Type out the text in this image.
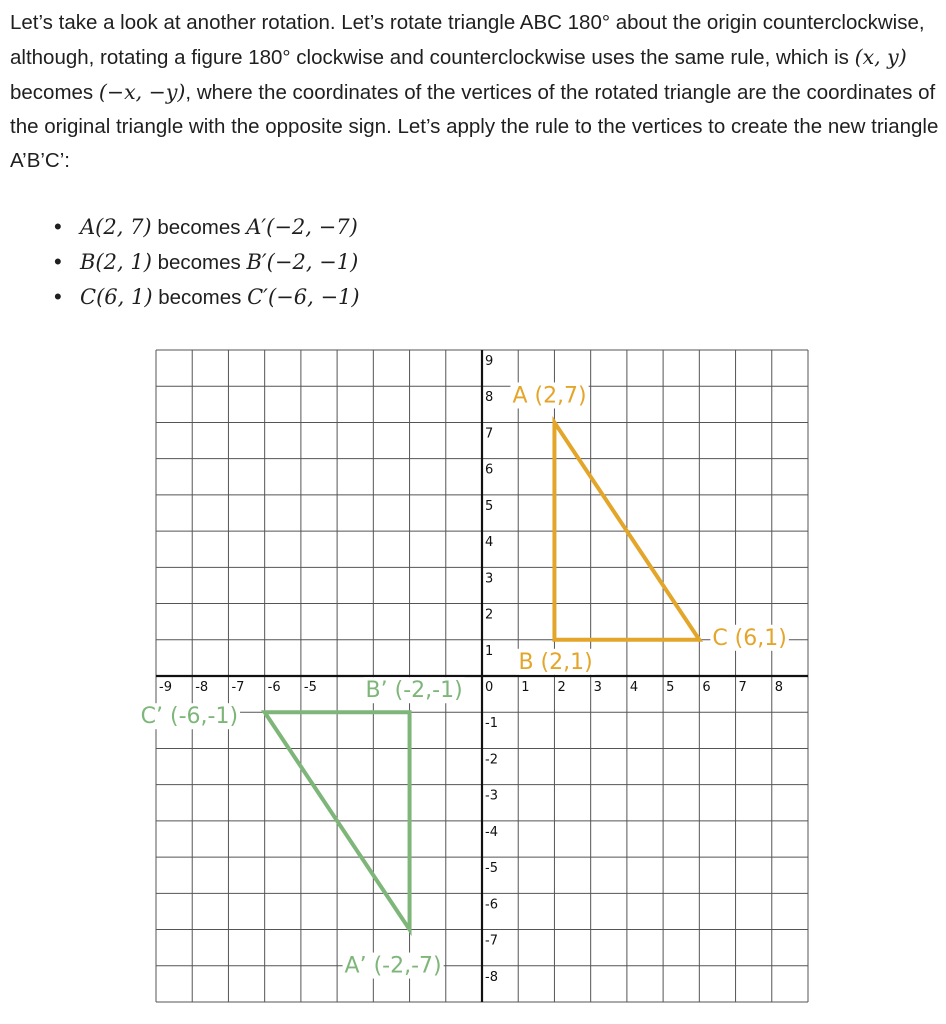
Let’s take a look at another rotation. Let’s rotate triangle ABC 180° about the origin counterclockwise, although, rotating a figure 180° clockwise and counterclockwise uses the same rule, which is (x, y) becomes (−x, −y), where the coordinates of the vertices of the rotated triangle are the coordinates of the original triangle with the opposite sign. Let’s apply the rule to the vertices to create the new triangle A’B’C’:

• A(2, 7) becomes A′(−2, −7)
• B(2, 1) becomes B′(−2, −1)
• C(6, 1) becomes C′(−6, −1)
-9 -8 -7 -6 -5	0 1 2 3 4 5 6 7 8
9
8
7
6
5
4
3
2
1
-1
-2
-3
-4
-5
-6
-7
-8
A (2,7)
B (2,1)
C (6,1)
A’ (-2,-7)
B’ (-2,-1)
C’ (-6,-1)
